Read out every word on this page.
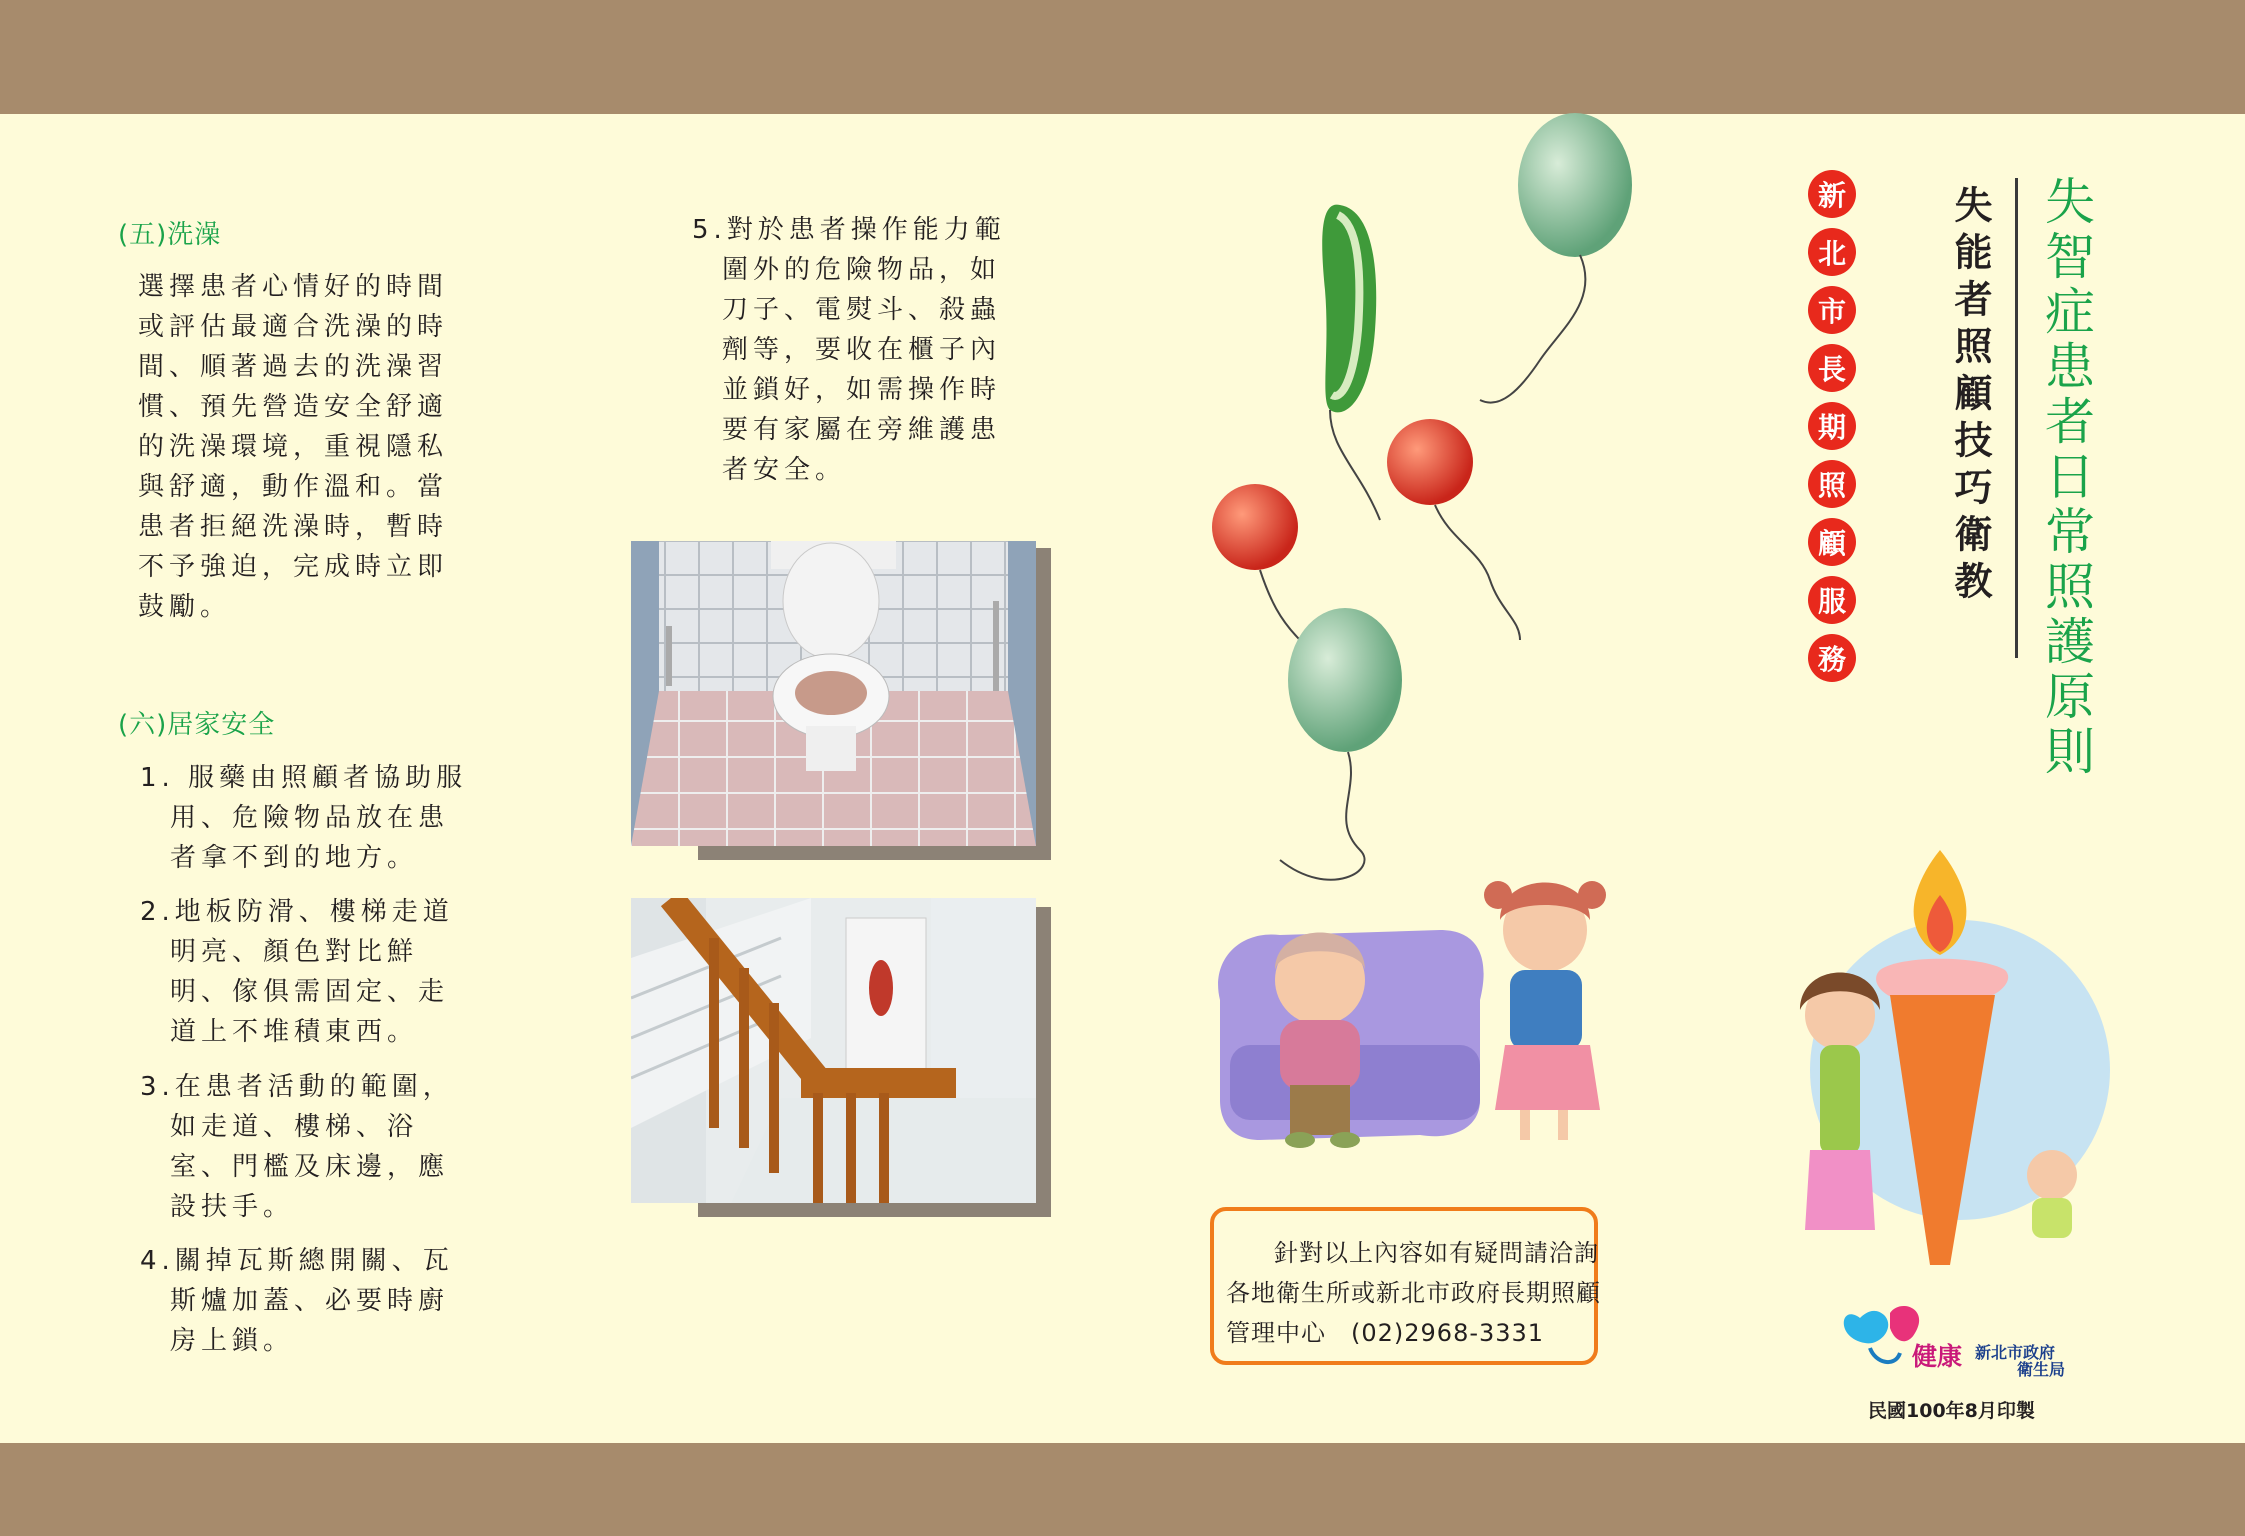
(五)洗澡
選擇患者心情好的時間
或評估最適合洗澡的時
間、順著過去的洗澡習
慣、預先營造安全舒適
的洗澡環境，重視隱私
與舒適，動作溫和。當
患者拒絕洗澡時，暫時
不予強迫，完成時立即
鼓勵。
(六)居家安全
1. 服藥由照顧者協助服
用、危險物品放在患
者拿不到的地方。
2.地板防滑、樓梯走道
明亮、顏色對比鮮
明、傢俱需固定、走
道上不堆積東西。
3.在患者活動的範圍，
如走道、樓梯、浴
室、門檻及床邊，應
設扶手。
4.關掉瓦斯總開關、瓦
斯爐加蓋、必要時廚
房上鎖。
5.對於患者操作能力範
圍外的危險物品，如
刀子、電熨斗、殺蟲
劑等，要收在櫃子內
並鎖好，如需操作時
要有家屬在旁維護患
者安全。
針對以上內容如有疑問請洽詢
各地衛生所或新北市政府長期照顧
管理中心　(02)2968-3331
失智症患者日常照護原則
失能者照顧技巧衛教
新
北
市
長
期
照
顧
服
務
健康 新北市政府
衛生局
民國100年8月印製
